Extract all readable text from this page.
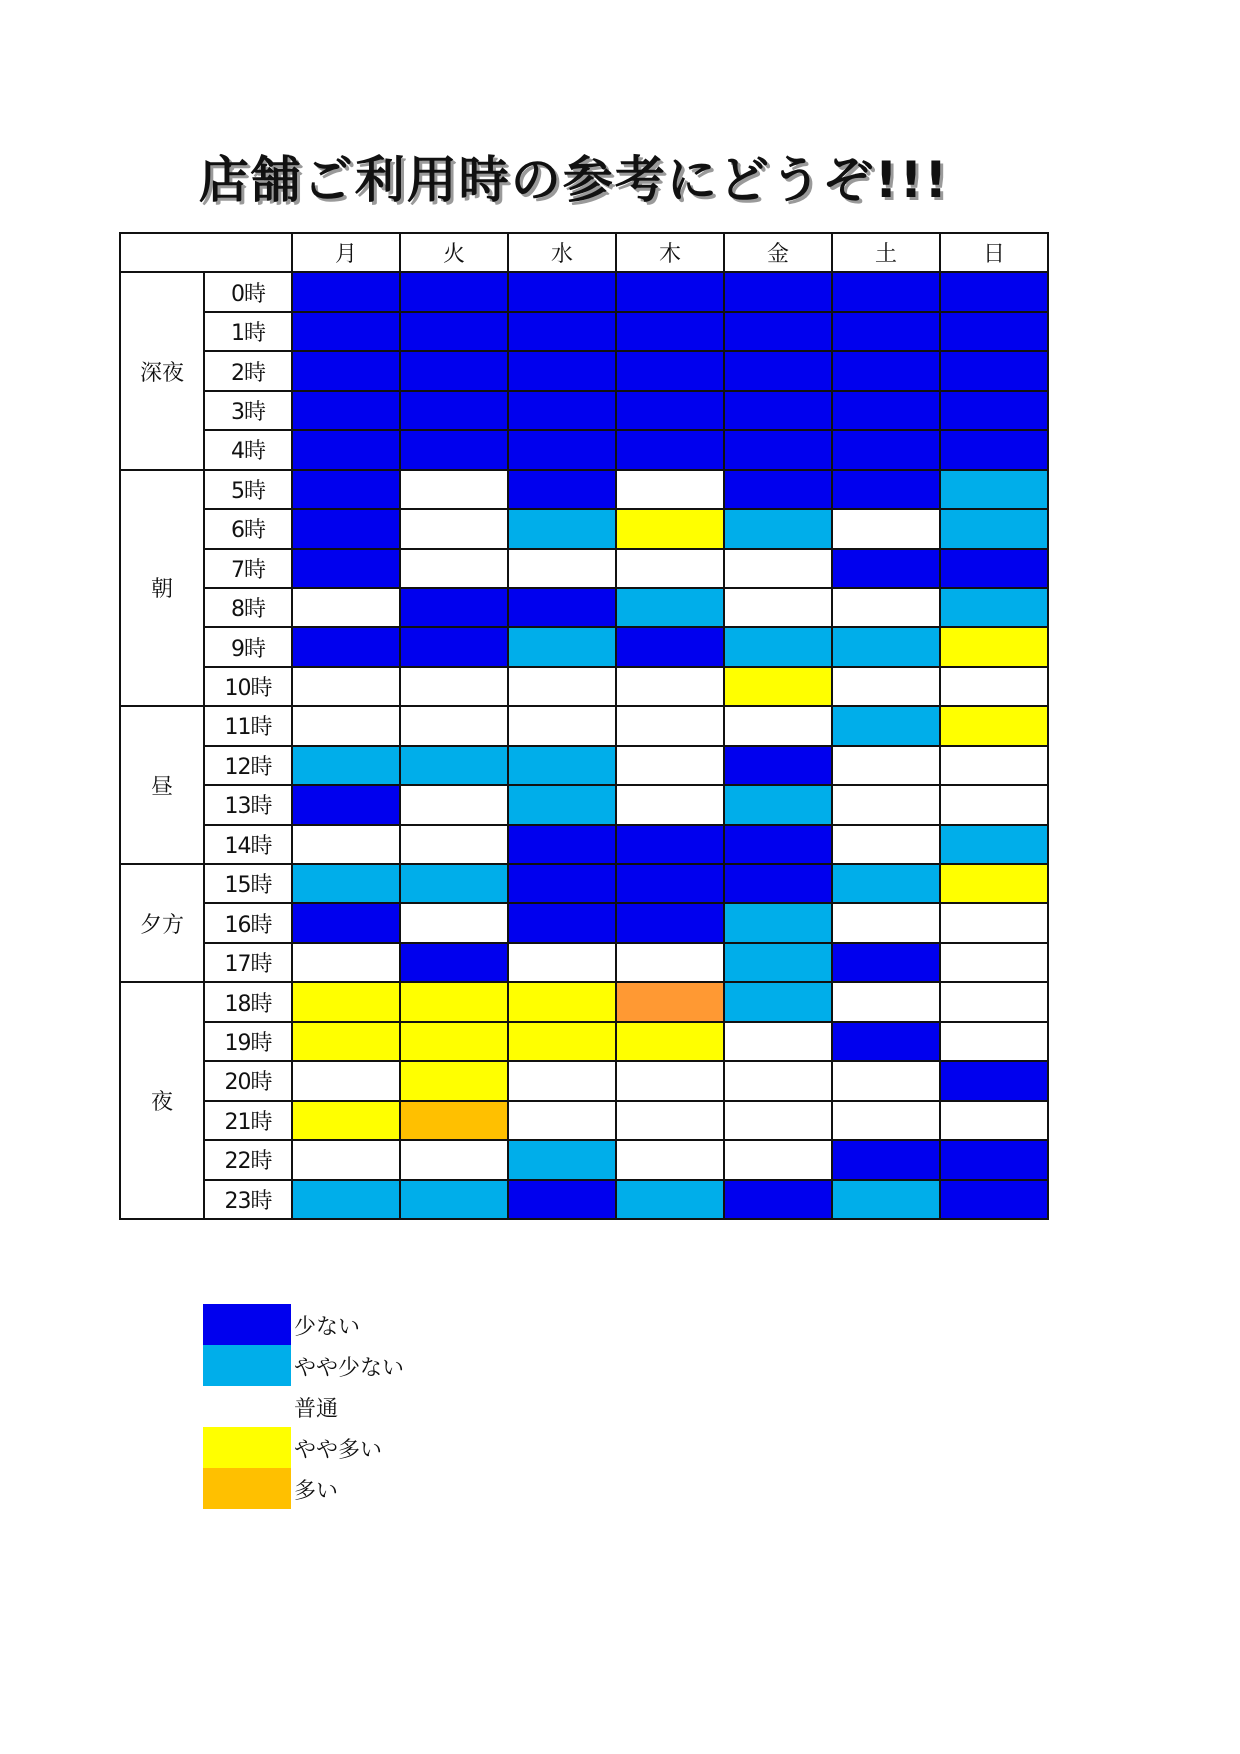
店舗ご利用時の参考にどうぞ!!!
		月	火	水	木	金	土	日
深夜	0時							
	1時							
	2時							
	3時							
	4時							
朝	5時							
	6時							
	7時							
	8時							
	9時							
	10時							
昼	11時							
	12時							
	13時							
	14時							
夕方	15時							
	16時							
	17時							
夜	18時							
	19時							
	20時							
	21時							
	22時							
	23時							
少ない
やや少ない
普通
やや多い
多い
